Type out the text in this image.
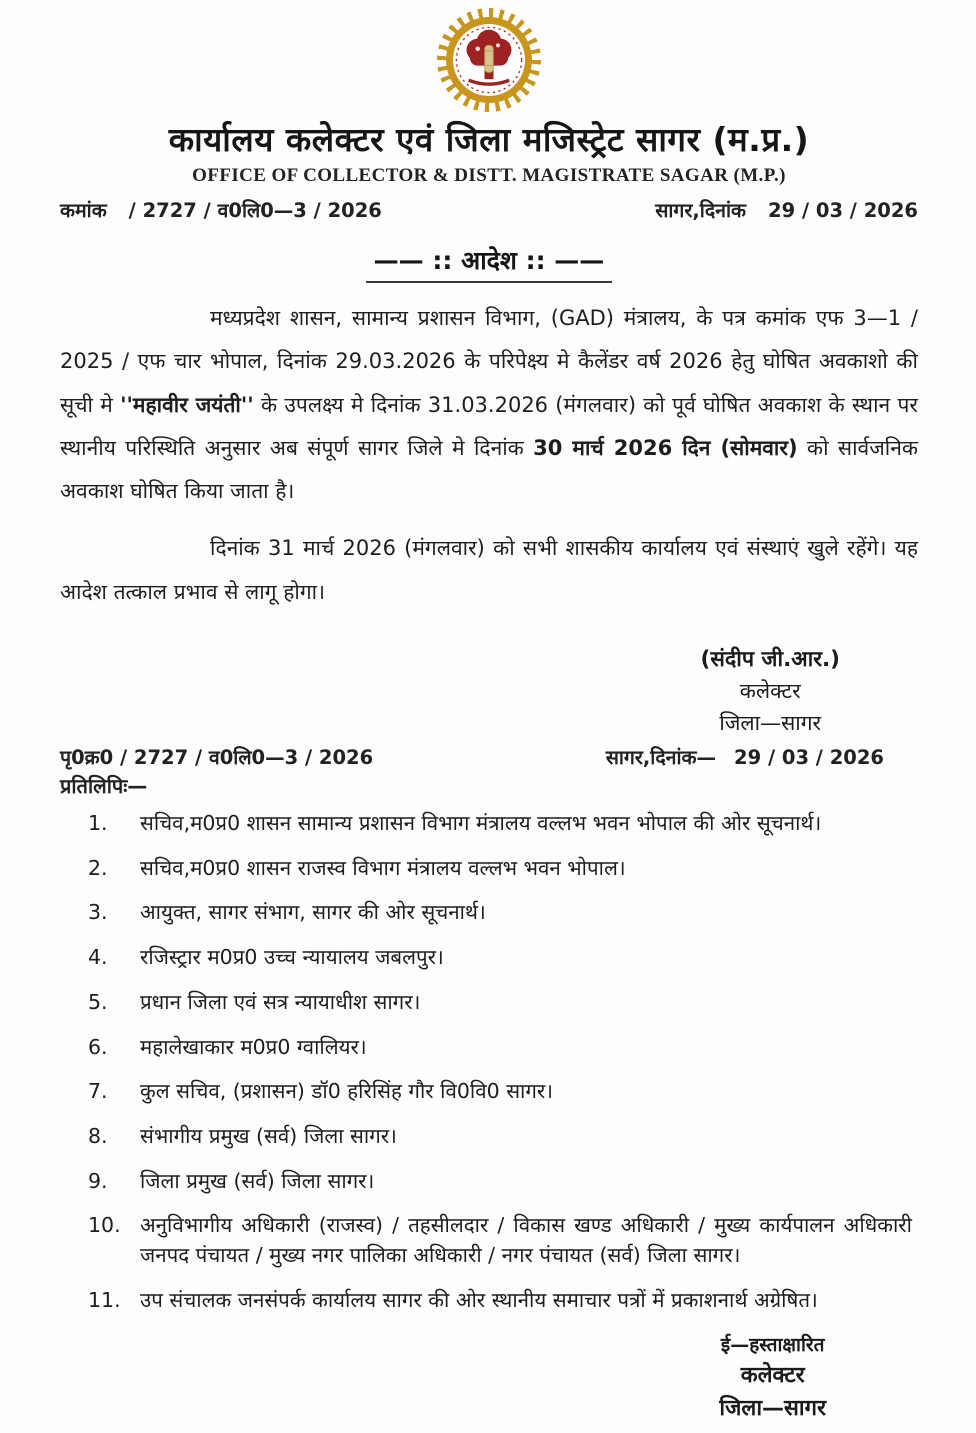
कार्यालय कलेक्टर एवं जिला मजिस्ट्रेट सागर (म.प्र.)
OFFICE OF COLLECTOR & DISTT. MAGISTRATE SAGAR (M.P.)
कमांक / 2727 / व0लि0—3 / 2026	सागर,दिनांक 29 / 03 / 2026
—— :: आदेश :: ——

मध्यप्रदेश शासन, सामान्य प्रशासन विभाग, (GAD) मंत्रालय, के पत्र कमांक एफ 3—1 / 2025 / एफ चार भोपाल, दिनांक 29.03.2026 के परिपेक्ष्य मे कैलेंडर वर्ष 2026 हेतु घोषित अवकाशो की सूची मे ''महावीर जयंती'' के उपलक्ष्य मे दिनांक 31.03.2026 (मंगलवार) को पूर्व घोषित अवकाश के स्थान पर स्थानीय परिस्थिति अनुसार अब संपूर्ण सागर जिले मे दिनांक 30 मार्च 2026 दिन (सोमवार) को सार्वजनिक अवकाश घोषित किया जाता है।

दिनांक 31 मार्च 2026 (मंगलवार) को सभी शासकीय कार्यालय एवं संस्थाएं खुले रहेंगे। यह आदेश तत्काल प्रभाव से लागू होगा।

(संदीप जी.आर.)
कलेक्टर
जिला—सागर
पृ0क्र0 / 2727 / व0लि0—3 / 2026	सागर,दिनांक— 29 / 03 / 2026
प्रतिलिपिः—
1.	सचिव,म0प्र0 शासन सामान्य प्रशासन विभाग मंत्रालय वल्लभ भवन भोपाल की ओर सूचनार्थ।
2.	सचिव,म0प्र0 शासन राजस्व विभाग मंत्रालय वल्लभ भवन भोपाल।
3.	आयुक्त, सागर संभाग, सागर की ओर सूचनार्थ।
4.	रजिस्ट्रार म0प्र0 उच्च न्यायालय जबलपुर।
5.	प्रधान जिला एवं सत्र न्यायाधीश सागर।
6.	महालेखाकार म0प्र0 ग्वालियर।
7.	कुल सचिव, (प्रशासन) डॉ0 हरिसिंह गौर वि0वि0 सागर।
8.	संभागीय प्रमुख (सर्व) जिला सागर।
9.	जिला प्रमुख (सर्व) जिला सागर।
10. अनुविभागीय अधिकारी (राजस्व) / तहसीलदार / विकास खण्ड अधिकारी / मुख्य कार्यपालन अधिकारी जनपद पंचायत / मुख्य नगर पालिका अधिकारी / नगर पंचायत (सर्व) जिला सागर।
11. उप संचालक जनसंपर्क कार्यालय सागर की ओर स्थानीय समाचार पत्रों में प्रकाशनार्थ अग्रेषित।
ई—हस्ताक्षारित
कलेक्टर
जिला—सागर
